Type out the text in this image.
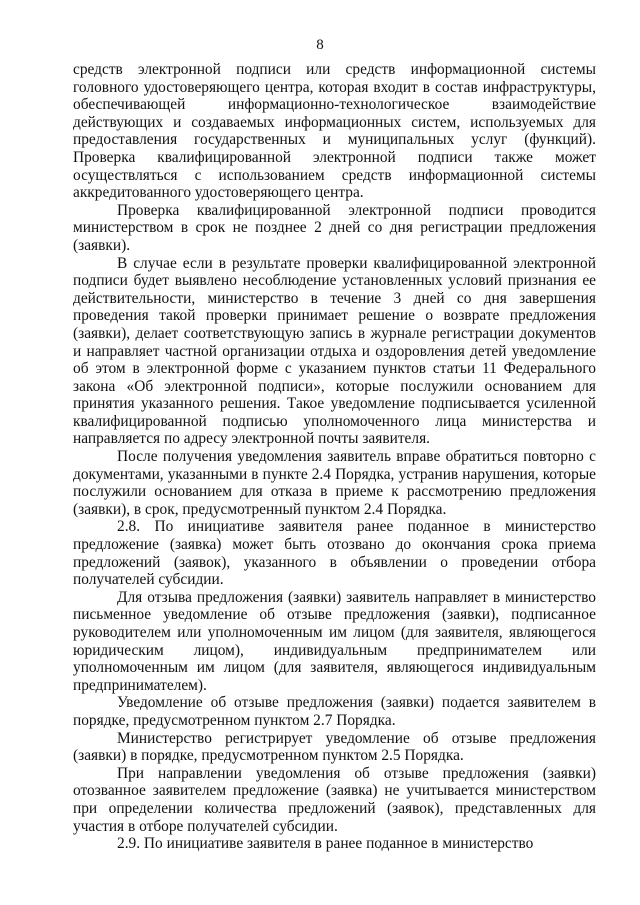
8

средств электронной подписи или средств информационной системы головного удостоверяющего центра, которая входит в состав инфраструктуры, обеспечивающей информационно-технологическое взаимодействие действующих и создаваемых информационных систем, используемых для предоставления государственных и муниципальных услуг (функций). Проверка квалифицированной электронной подписи также может осуществляться с использованием средств информационной системы аккредитованного удостоверяющего центра.

Проверка квалифицированной электронной подписи проводится министерством в срок не позднее 2 дней со дня регистрации предложения (заявки).

В случае если в результате проверки квалифицированной электронной подписи будет выявлено несоблюдение установленных условий признания ее действительности, министерство в течение 3 дней со дня завершения проведения такой проверки принимает решение о возврате предложения (заявки), делает соответствующую запись в журнале регистрации документов и направляет частной организации отдыха и оздоровления детей уведомление об этом в электронной форме с указанием пунктов статьи 11 Федерального закона «Об электронной подписи», которые послужили основанием для принятия указанного решения. Такое уведомление подписывается усиленной квалифицированной подписью уполномоченного лица министерства и направляется по адресу электронной почты заявителя.

После получения уведомления заявитель вправе обратиться повторно с документами, указанными в пункте 2.4 Порядка, устранив нарушения, которые послужили основанием для отказа в приеме к рассмотрению предложения (заявки), в срок, предусмотренный пунктом 2.4 Порядка.

2.8. По инициативе заявителя ранее поданное в министерство предложение (заявка) может быть отозвано до окончания срока приема предложений (заявок), указанного в объявлении о проведении отбора получателей субсидии.

Для отзыва предложения (заявки) заявитель направляет в министерство письменное уведомление об отзыве предложения (заявки), подписанное руководителем или уполномоченным им лицом (для заявителя, являющегося юридическим лицом), индивидуальным предпринимателем или уполномоченным им лицом (для заявителя, являющегося индивидуальным предпринимателем).

Уведомление об отзыве предложения (заявки) подается заявителем в порядке, предусмотренном пунктом 2.7 Порядка.

Министерство регистрирует уведомление об отзыве предложения (заявки) в порядке, предусмотренном пунктом 2.5 Порядка.

При направлении уведомления об отзыве предложения (заявки) отозванное заявителем предложение (заявка) не учитывается министерством при определении количества предложений (заявок), представленных для участия в отборе получателей субсидии.

2.9. По инициативе заявителя в ранее поданное в министерство
